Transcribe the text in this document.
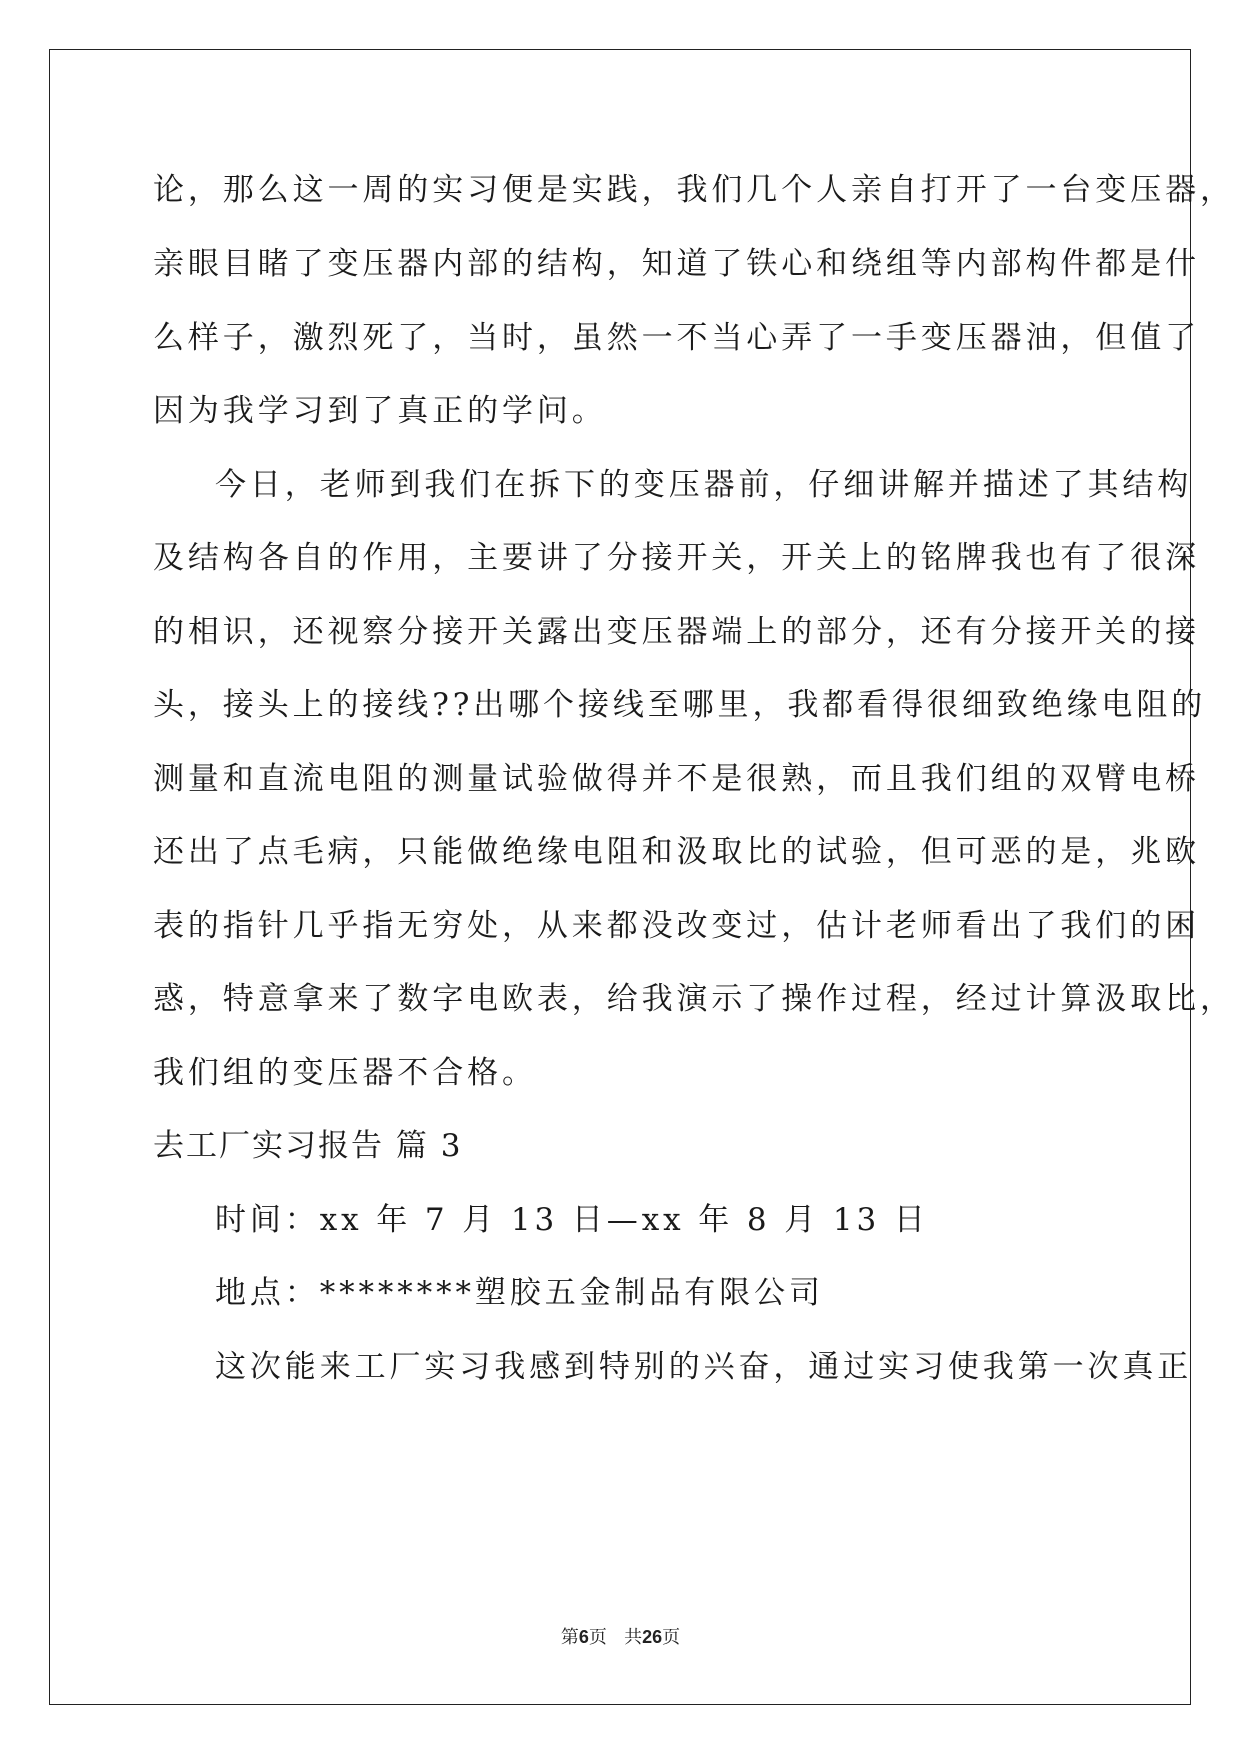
论，那么这一周的实习便是实践，我们几个人亲自打开了一台变压器，
亲眼目睹了变压器内部的结构，知道了铁心和绕组等内部构件都是什
么样子，激烈死了，当时，虽然一不当心弄了一手变压器油，但值了
因为我学习到了真正的学问。
今日，老师到我们在拆下的变压器前，仔细讲解并描述了其结构
及结构各自的作用，主要讲了分接开关，开关上的铭牌我也有了很深
的相识，还视察分接开关露出变压器端上的部分，还有分接开关的接
头，接头上的接线??出哪个接线至哪里，我都看得很细致绝缘电阻的
测量和直流电阻的测量试验做得并不是很熟，而且我们组的双臂电桥
还出了点毛病，只能做绝缘电阻和汲取比的试验，但可恶的是，兆欧
表的指针几乎指无穷处，从来都没改变过，估计老师看出了我们的困
惑，特意拿来了数字电欧表，给我演示了操作过程，经过计算汲取比，
我们组的变压器不合格。
去工厂实习报告 篇 3
时间：xx 年 7 月 13 日—xx 年 8 月 13 日
地点：********塑胶五金制品有限公司
这次能来工厂实习我感到特别的兴奋，通过实习使我第一次真正
第6页   共26页
